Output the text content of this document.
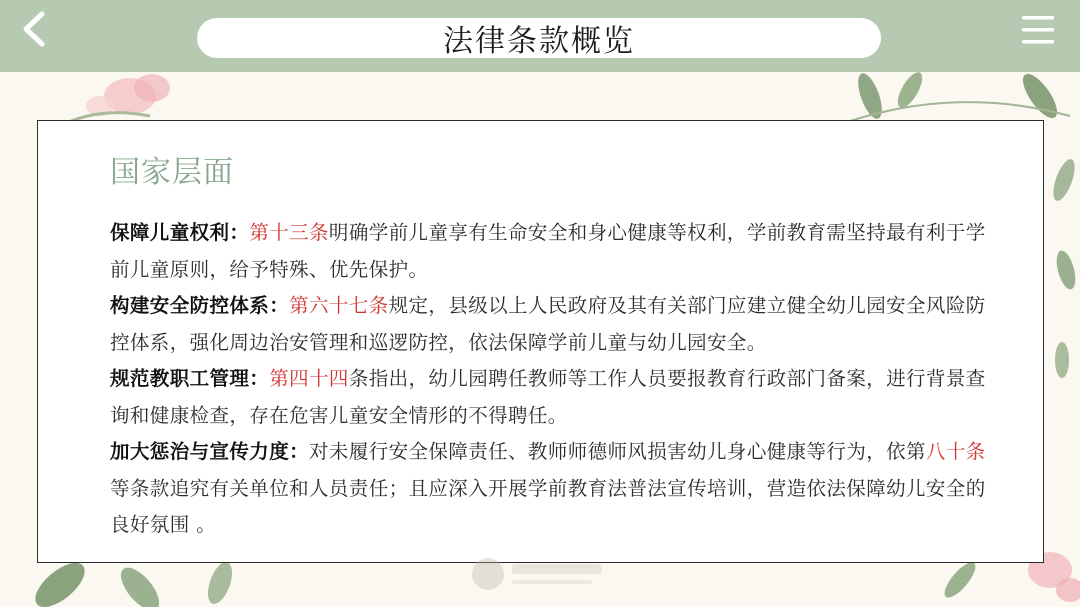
法律条款概览
国家层面

保障儿童权利：第十三条明确学前儿童享有生命安全和身心健康等权利，学前教育需坚持最有利于学前儿童原则，给予特殊、优先保护。

构建安全防控体系：第六十七条规定，县级以上人民政府及其有关部门应建立健全幼儿园安全风险防控体系，强化周边治安管理和巡逻防控，依法保障学前儿童与幼儿园安全。

规范教职工管理：第四十四条指出，幼儿园聘任教师等工作人员要报教育行政部门备案，进行背景查询和健康检查，存在危害儿童安全情形的不得聘任。

加大惩治与宣传力度：对未履行安全保障责任、教师师德师风损害幼儿身心健康等行为，依第八十条等条款追究有关单位和人员责任；且应深入开展学前教育法普法宣传培训，营造依法保障幼儿安全的良好氛围 。
